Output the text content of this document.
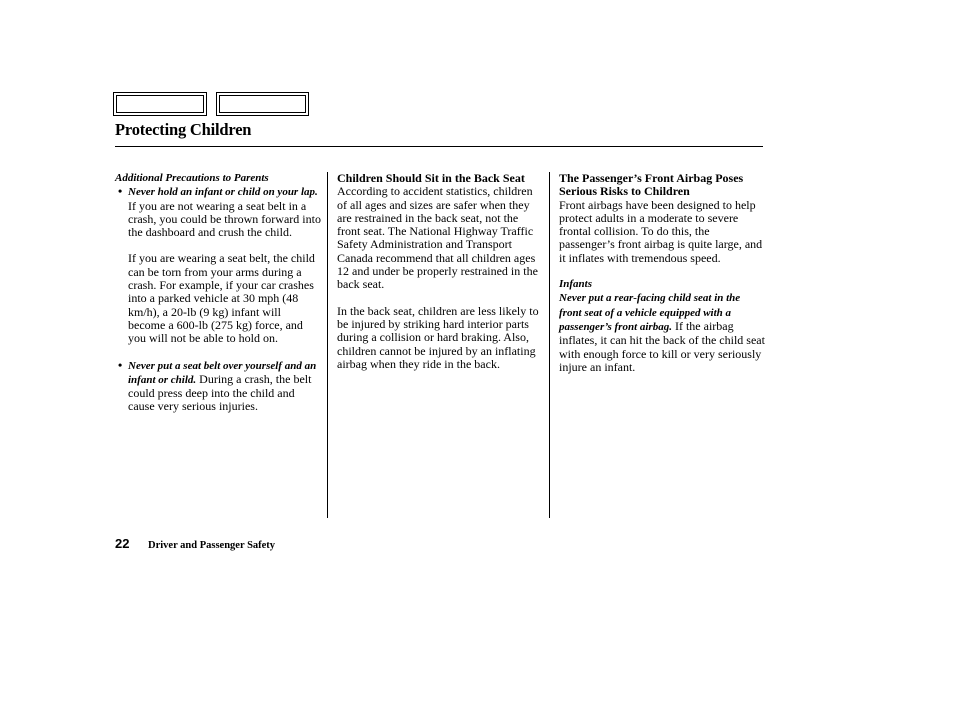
Protecting Children

Additional Precautions to Parents

• Never hold an infant or child on your lap. If you are not wearing a seat belt in a crash, you could be thrown forward into the dashboard and crush the child.

If you are wearing a seat belt, the child can be torn from your arms during a crash. For example, if your car crashes into a parked vehicle at 30 mph (48 km/h), a 20-lb (9 kg) infant will become a 600-lb (275 kg) force, and you will not be able to hold on.

• Never put a seat belt over yourself and an infant or child. During a crash, the belt could press deep into the child and cause very serious injuries.

Children Should Sit in the Back Seat

According to accident statistics, children of all ages and sizes are safer when they are restrained in the back seat, not the front seat. The National Highway Traffic Safety Administration and Transport Canada recommend that all children ages 12 and under be properly restrained in the back seat.

In the back seat, children are less likely to be injured by striking hard interior parts during a collision or hard braking. Also, children cannot be injured by an inflating airbag when they ride in the back.

The Passenger’s Front Airbag Poses Serious Risks to Children

Front airbags have been designed to help protect adults in a moderate to severe frontal collision. To do this, the passenger’s front airbag is quite large, and it inflates with tremendous speed.

Infants

Never put a rear-facing child seat in the front seat of a vehicle equipped with a passenger’s front airbag. If the airbag inflates, it can hit the back of the child seat with enough force to kill or very seriously injure an infant.

22 Driver and Passenger Safety
